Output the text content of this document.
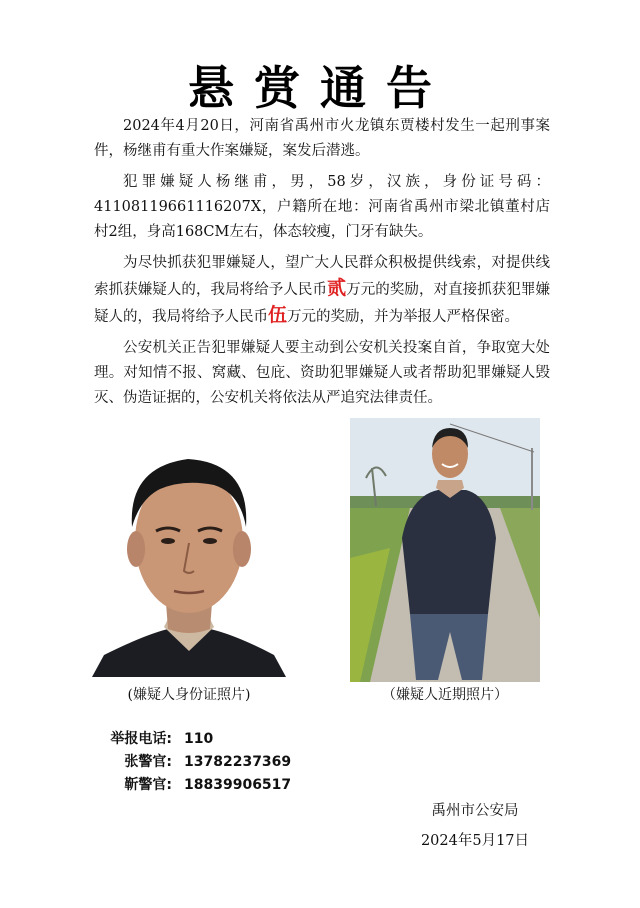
悬赏通告

2024年4月20日，河南省禹州市火龙镇东贾楼村发生一起刑事案件，杨继甫有重大作案嫌疑，案发后潜逃。

犯罪嫌疑人杨继甫，男，58岁，汉族，身份证号码：41108119661116207X，户籍所在地：河南省禹州市梁北镇董村店村2组，身高168CM左右，体态较瘦，门牙有缺失。

为尽快抓获犯罪嫌疑人，望广大人民群众积极提供线索，对提供线索抓获嫌疑人的，我局将给予人民币贰万元的奖励，对直接抓获犯罪嫌疑人的，我局将给予人民币伍万元的奖励，并为举报人严格保密。

公安机关正告犯罪嫌疑人要主动到公安机关投案自首，争取宽大处理。对知情不报、窝藏、包庇、资助犯罪嫌疑人或者帮助犯罪嫌疑人毁灭、伪造证据的，公安机关将依法从严追究法律责任。

(嫌疑人身份证照片)	（嫌疑人近期照片）
举报电话: 110
张警官: 13782237369
靳警官: 18839906517
禹州市公安局
2024年5月17日
